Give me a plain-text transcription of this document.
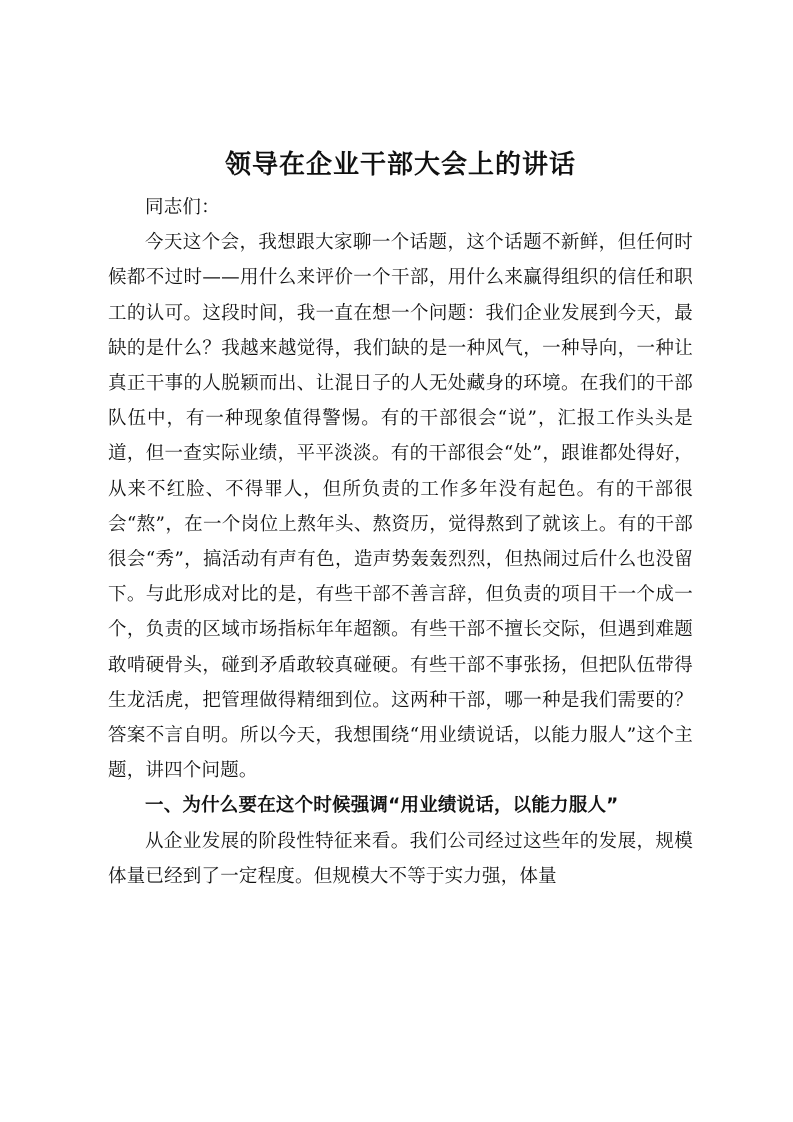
领导在企业干部大会上的讲话

同志们：

今天这个会，我想跟大家聊一个话题，这个话题不新鲜，但任何时候都不过时——用什么来评价一个干部，用什么来赢得组织的信任和职工的认可。这段时间，我一直在想一个问题：我们企业发展到今天，最缺的是什么？我越来越觉得，我们缺的是一种风气，一种导向，一种让真正干事的人脱颖而出、让混日子的人无处藏身的环境。在我们的干部队伍中，有一种现象值得警惕。有的干部很会“说”，汇报工作头头是道，但一查实际业绩，平平淡淡。有的干部很会“处”，跟谁都处得好，从来不红脸、不得罪人，但所负责的工作多年没有起色。有的干部很会“熬”，在一个岗位上熬年头、熬资历，觉得熬到了就该上。有的干部很会“秀”，搞活动有声有色，造声势轰轰烈烈，但热闹过后什么也没留下。与此形成对比的是，有些干部不善言辞，但负责的项目干一个成一个，负责的区域市场指标年年超额。有些干部不擅长交际，但遇到难题敢啃硬骨头，碰到矛盾敢较真碰硬。有些干部不事张扬，但把队伍带得生龙活虎，把管理做得精细到位。这两种干部，哪一种是我们需要的？答案不言自明。所以今天，我想围绕“用业绩说话，以能力服人”这个主题，讲四个问题。

一、为什么要在这个时候强调“用业绩说话，以能力服人”

从企业发展的阶段性特征来看。我们公司经过这些年的发展，规模体量已经到了一定程度。但规模大不等于实力强，体量
